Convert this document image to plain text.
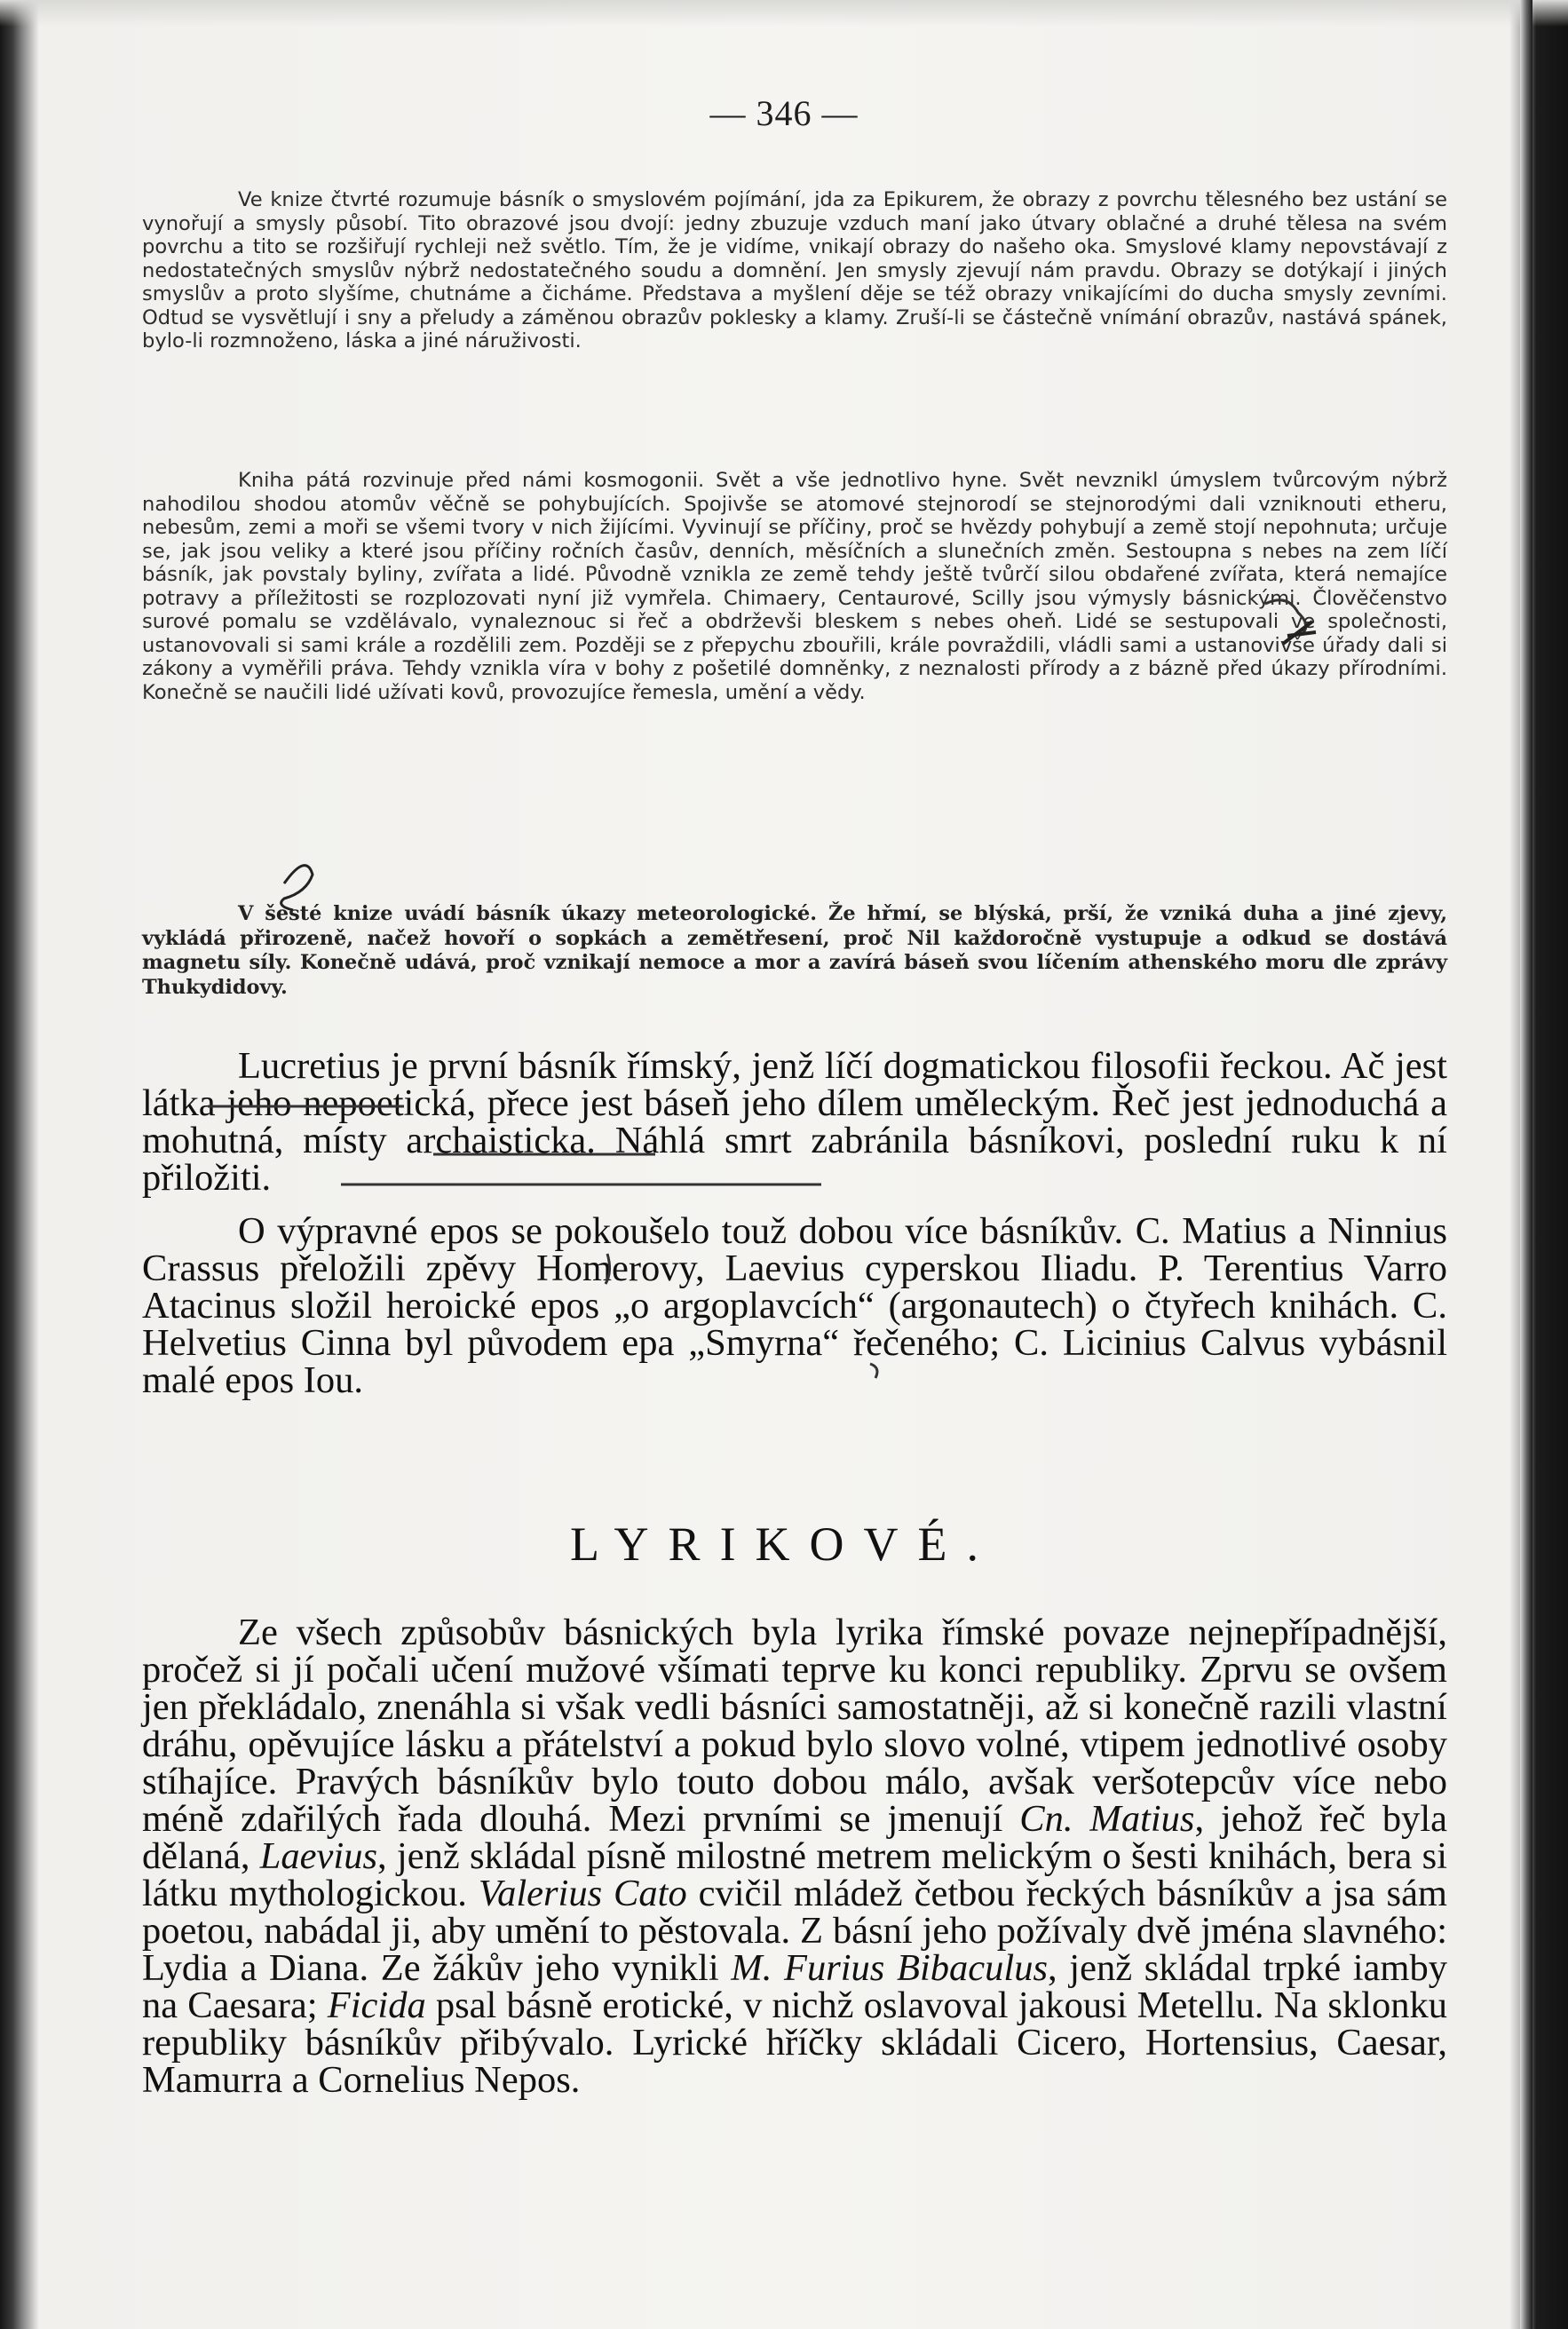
— 346 —

Ve knize čtvrté rozumuje básník o smyslovém pojímání, jda za Epikurem, že obrazy z povrchu tělesného bez ustání se vynořují a smysly působí. Tito obrazové jsou dvojí: jedny zbuzuje vzduch maní jako útvary oblačné a druhé tělesa na svém povrchu a tito se rozšiřují rychleji než světlo. Tím, že je vidíme, vnikají obrazy do našeho oka. Smyslové klamy nepovstávají z nedostatečných smyslův nýbrž nedostatečného soudu a domnění. Jen smysly zjevují nám pravdu. Obrazy se dotýkají i jiných smyslův a proto slyšíme, chutnáme a čicháme. Představa a myšlení děje se též obrazy vnikajícími do ducha smysly zevními. Odtud se vysvětlují i sny a přeludy a záměnou obrazův poklesky a klamy. Zruší-li se částečně vnímání obrazův, nastává spánek, bylo-li rozmnoženo, láska a jiné náruživosti.

Kniha pátá rozvinuje před námi kosmogonii. Svět a vše jednotlivo hyne. Svět nevznikl úmyslem tvůrcovým nýbrž nahodilou shodou atomův věčně se pohybujících. Spojivše se atomové stejnorodí se stejnorodými dali vzniknouti etheru, nebesům, zemi a moři se všemi tvory v nich žijícími. Vyvinují se příčiny, proč se hvězdy pohybují a země stojí nepohnuta; určuje se, jak jsou veliky a které jsou příčiny ročních časův, denních, měsíčních a slunečních změn. Sestoupna s nebes na zem líčí básník, jak povstaly byliny, zvířata a lidé. Původně vznikla ze země tehdy ještě tvůrčí silou obdařené zvířata, která nemajíce potravy a příležitosti se rozplozovati nyní již vymřela. Chimaery, Centaurové, Scilly jsou výmysly básnickými. Člověčenstvo surové pomalu se vzdělávalo, vynaleznouc si řeč a obdrževši bleskem s nebes oheň. Lidé se sestupovali ve společnosti, ustanovovali si sami krále a rozdělili zem. Později se z přepychu zbouřili, krále povraždili, vládli sami a ustanovivše úřady dali si zákony a vyměřili práva. Tehdy vznikla víra v bohy z pošetilé domněnky, z neznalosti přírody a z bázně před úkazy přírodními. Konečně se naučili lidé užívati kovů, provozujíce řemesla, umění a vědy.

V šesté knize uvádí básník úkazy meteorologické. Že hřmí, se blýská, prší, že vzniká duha a jiné zjevy, vykládá přirozeně, načež hovoří o sopkách a zemětřesení, proč Nil každoročně vystupuje a odkud se dostává magnetu síly. Konečně udává, proč vznikají nemoce a mor a zavírá báseň svou líčením athenského moru dle zprávy Thukydidovy.

Lucretius je první básník římský, jenž líčí dogmatickou filosofii řeckou. Ač jest látka jeho nepoetická, přece jest báseň jeho dílem uměleckým. Řeč jest jednoduchá a mohutná, místy archaisticka. Náhlá smrt zabránila básníkovi, poslední ruku k ní přiložiti.

O výpravné epos se pokoušelo touž dobou více básníkův. C. Matius a Ninnius Crassus přeložili zpěvy Homerovy, Laevius cyperskou Iliadu. P. Terentius Varro Atacinus složil heroické epos „o argoplavcích“ (argonautech) o čtyřech knihách. C. Helvetius Cinna byl původem epa „Smyrna“ řečeného; C. Licinius Calvus vybásnil malé epos Iou.

LYRIKOVÉ.

Ze všech způsobův básnických byla lyrika římské povaze nejnepřípadnější, pročež si jí počali učení mužové všímati teprve ku konci republiky. Zprvu se ovšem jen překládalo, znenáhla si však vedli básníci samostatněji, až si konečně razili vlastní dráhu, opěvujíce lásku a přátelství a pokud bylo slovo volné, vtipem jednotlivé osoby stíhajíce. Pravých básníkův bylo touto dobou málo, avšak veršotepcův více nebo méně zdařilých řada dlouhá. Mezi prvními se jmenují Cn. Matius, jehož řeč byla dělaná, Laevius, jenž skládal písně milostné metrem melickým o šesti knihách, bera si látku mythologickou. Valerius Cato cvičil mládež četbou řeckých básníkův a jsa sám poetou, nabádal ji, aby umění to pěstovala. Z básní jeho požívaly dvě jména slavného: Lydia a Diana. Ze žákův jeho vynikli M. Furius Bibaculus, jenž skládal trpké iamby na Caesara; Ficida psal básně erotické, v nichž oslavoval jakousi Metellu. Na sklonku republiky básníkův přibývalo. Lyrické hříčky skládali Cicero, Hortensius, Caesar, Mamurra a Cornelius Nepos.
